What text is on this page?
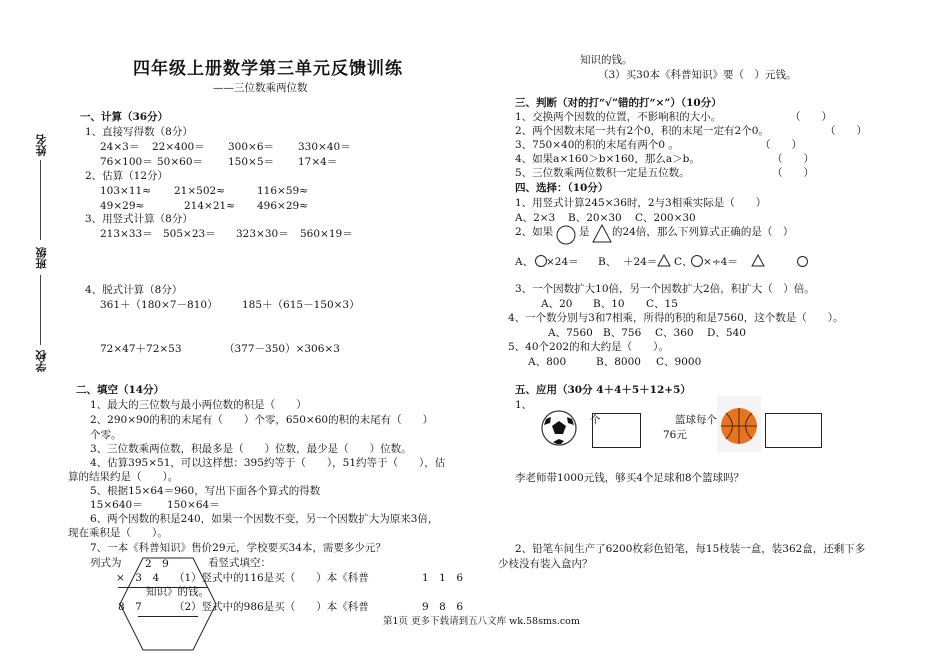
姓名
班级
学校
四年级上册数学第三单元反馈训练
——三位数乘两位数
一、计算（36分）
1、直接写得数（8分）
24×3＝ 22×400＝ 300×6＝ 330×40＝
76×100＝ 50×60＝ 150×5＝ 17×4＝
2、估算（12分）
103×11≈ 21×502≈	116×59≈
49×29≈	214×21≈ 496×29≈
3、用竖式计算（8分）
213×33＝ 505×23＝ 323×30＝ 560×19＝
4、脱式计算（8分）
361＋（180×7－810） 185＋（615－150×3）
72×47＋72×53	（377－350）×306×3
二、填空（14分）
1、最大的三位数与最小两位数的积是（　　）
2、290×90的积的末尾有（　　）个零，650×60的积的末尾有（　　）
个零。
3、三位数乘两位数，积最多是（　　）位数，最少是（　　）位数。
4、估算395×51，可以这样想：395约等于（　　），51约等于（　　），估
算的结果约是（　　）。
5、根据15×64＝960，写出下面各个算式的得数
15×640＝ 150×64＝
6、两个因数的积是240，如果一个因数不变，另一个因数扩大为原来3倍，
现在乘积是（　　）。
7、一本《科普知识》售价29元，学校要买34本，需要多少元？
列式为	看竖式填空：
2　9
×　3　4 （1）竖式中的116是买（　　）本《科普	1　1　6
知识》的钱。
8　7	（2）竖式中的986是买（　　）本《科普	9　8　6
知识的钱。
（3）买30本《科普知识》要（　）元钱。
三、判断（对的打“√”错的打“×”）（10分）
1、交换两个因数的位置，不影响积的大小。	（　　）
2、两个因数末尾一共有2个0，积的末尾一定有2个0。	（　　）
3、750×40的积的末尾有两个0 。	（　　）
4、如果a×160＞b×160，那么a＞b。	（　　）
5、三位数乘两位数积一定是五位数。	（　　）
四、选择：（10分）
1、用竖式计算245×36时，2与3相乘实际是（　　）
A、2×3 B、20×30 C、200×30
2、如果 是 的24倍，那么下列算式正确的是（　）
A、 ×24＝ B、 ＋24＝ C、 × ÷4＝
3、一个因数扩大10倍，另一个因数扩大2倍，积扩大（　）倍。
A、20 B、10 C、15
4、一个数分别与3和7相乘，所得的积的和是7560，这个数是（　　）。
A、7560 B、756 C、360 D、540
5、40个202的和大约是（　　）。
A、800	B、8000 C、9000
五、应用（30分 4＋4＋5＋12+5）
1、
个	篮球每个
76元
李老师带1000元钱，够买4个足球和8个篮球吗？
2、铅笔车间生产了6200枚彩色铅笔，每15枝装一盒，装362盒，还剩下多
少枝没有装入盒内？
第1页 更多下载请到五八文库 wk.58sms.com
